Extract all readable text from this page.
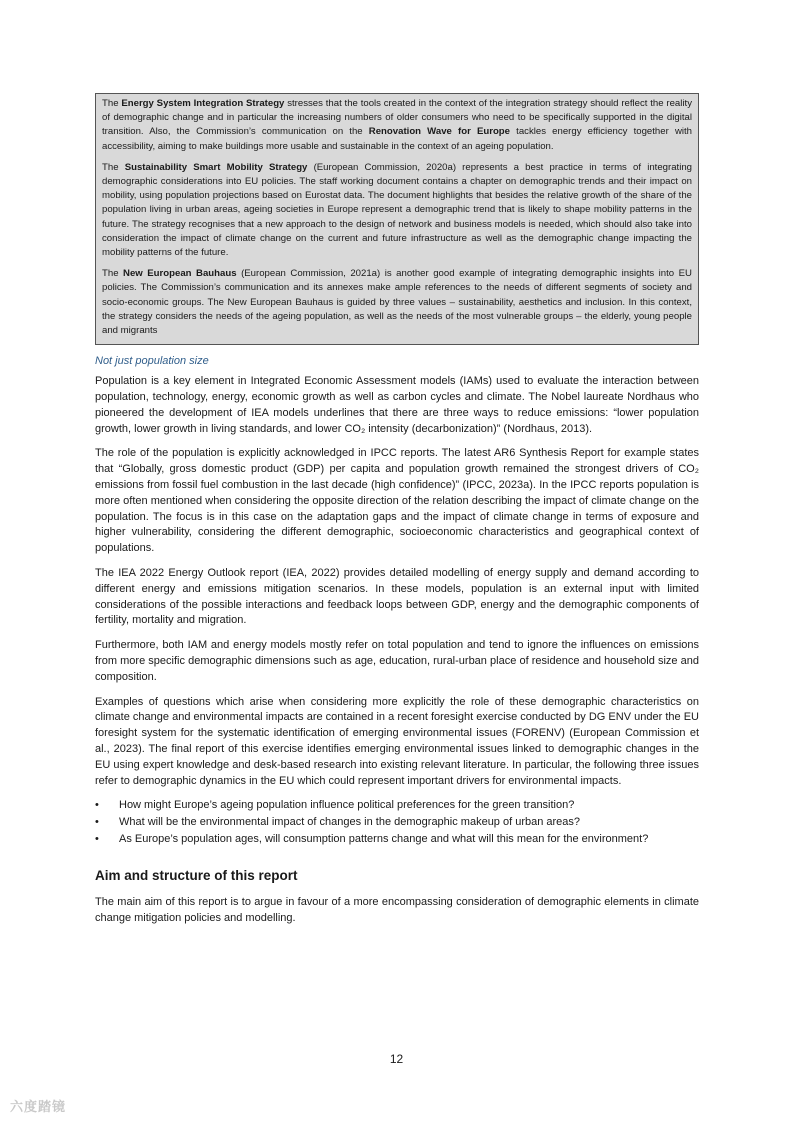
The Energy System Integration Strategy stresses that the tools created in the context of the integration strategy should reflect the reality of demographic change and in particular the increasing numbers of older consumers who need to be specifically supported in the digital transition. Also, the Commission’s communication on the Renovation Wave for Europe tackles energy efficiency together with accessibility, aiming to make buildings more usable and sustainable in the context of an ageing population.

The Sustainability Smart Mobility Strategy (European Commission, 2020a) represents a best practice in terms of integrating demographic considerations into EU policies. The staff working document contains a chapter on demographic trends and their impact on mobility, using population projections based on Eurostat data. The document highlights that besides the relative growth of the share of the population living in urban areas, ageing societies in Europe represent a demographic trend that is likely to shape mobility patterns in the future. The strategy recognises that a new approach to the design of network and business models is needed, which should also take into consideration the impact of climate change on the current and future infrastructure as well as the demographic change impacting the mobility patterns of the future.

The New European Bauhaus (European Commission, 2021a) is another good example of integrating demographic insights into EU policies. The Commission’s communication and its annexes make ample references to the needs of different segments of society and socio-economic groups. The New European Bauhaus is guided by three values – sustainability, aesthetics and inclusion. In this context, the strategy considers the needs of the ageing population, as well as the needs of the most vulnerable groups – the elderly, young people and migrants

Not just population size

Population is a key element in Integrated Economic Assessment models (IAMs) used to evaluate the interaction between population, technology, energy, economic growth as well as carbon cycles and climate. The Nobel laureate Nordhaus who pioneered the development of IEA models underlines that there are three ways to reduce emissions: “lower population growth, lower growth in living standards, and lower CO₂ intensity (decarbonization)” (Nordhaus, 2013).

The role of the population is explicitly acknowledged in IPCC reports. The latest AR6 Synthesis Report for example states that “Globally, gross domestic product (GDP) per capita and population growth remained the strongest drivers of CO₂ emissions from fossil fuel combustion in the last decade (high confidence)” (IPCC, 2023a). In the IPCC reports population is more often mentioned when considering the opposite direction of the relation describing the impact of climate change on the population. The focus is in this case on the adaptation gaps and the impact of climate change in terms of exposure and higher vulnerability, considering the different demographic, socioeconomic characteristics and geographical context of populations.

The IEA 2022 Energy Outlook report (IEA, 2022) provides detailed modelling of energy supply and demand according to different energy and emissions mitigation scenarios. In these models, population is an external input with limited considerations of the possible interactions and feedback loops between GDP, energy and the demographic components of fertility, mortality and migration.

Furthermore, both IAM and energy models mostly refer on total population and tend to ignore the influences on emissions from more specific demographic dimensions such as age, education, rural-urban place of residence and household size and composition.

Examples of questions which arise when considering more explicitly the role of these demographic characteristics on climate change and environmental impacts are contained in a recent foresight exercise conducted by DG ENV under the EU foresight system for the systematic identification of emerging environmental issues (FORENV) (European Commission et al., 2023). The final report of this exercise identifies emerging environmental issues linked to demographic changes in the EU using expert knowledge and desk-based research into existing relevant literature. In particular, the following three issues refer to demographic dynamics in the EU which could represent important drivers for environmental impacts.

• How might Europe’s ageing population influence political preferences for the green transition?
• What will be the environmental impact of changes in the demographic makeup of urban areas?
• As Europe’s population ages, will consumption patterns change and what will this mean for the environment?
Aim and structure of this report

The main aim of this report is to argue in favour of a more encompassing consideration of demographic elements in climate change mitigation policies and modelling.

12
六度踏镜
